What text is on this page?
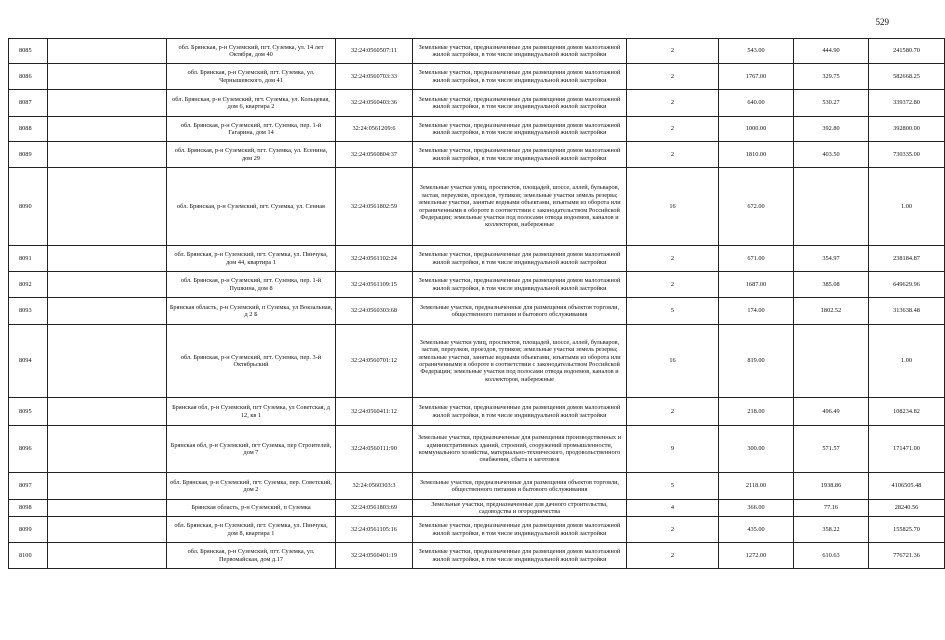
529
8085		обл. Брянская, р-н Суземский, пгт. Суземка, ул. 14 лет Октября, дом 40	32:24:0560507:11	Земельные участки, предназначенные для размещения домов малоэтажной жилой застройки, в том числе индивидуальной жилой застройки	2	543.00	444.90	241580.70
8086		обл. Брянская, р-н Суземский, пгт. Суземка, ул. Чернышевского, дом 41	32:24:0560703:33	Земельные участки, предназначенные для размещения домов малоэтажной жилой застройки, в том числе индивидуальной жилой застройки	2	1767.00	329.75	582668.25
8087		обл. Брянская, р-н Суземский, пгт. Суземка, ул. Кольцевая, дом 6, квартира 2	32:24:0560403:36	Земельные участки, предназначенные для размещения домов малоэтажной жилой застройки, в том числе индивидуальной жилой застройки	2	640.00	530.27	339372.80
8088		обл. Брянская, р-н Суземский, пгт. Суземка, пер. 1-й Гагарина, дом 14	32:24:0561209:6	Земельные участки, предназначенные для размещения домов малоэтажной жилой застройки, в том числе индивидуальной жилой застройки	2	1000.00	392.80	392800.00
8089		обл. Брянская, р-н Суземский, пгт. Суземка, ул. Есенина, дом 29	32:24:0560804:37	Земельные участки, предназначенные для размещения домов малоэтажной жилой застройки, в том числе индивидуальной жилой застройки	2	1810.00	403.50	730335.00
8090		обл. Брянская, р-н Суземский, пгт. Суземка, ул. Сенная	32:24:0561802:59	Земельные участки улиц, проспектов, площадей, шоссе, аллей, бульваров, застав, переулков, проездов, тупиков; земельные участки земель резерва; земельные участки, занятые водными объектами, изъятыми из оборота или ограниченными в обороте в соответствии с законодательством Российской Федерации; земельные участки под полосами отвода водоемов, каналов и коллекторов, набережные	16	672.00		1.00
8091		обл. Брянская, р-н Суземский, пгт. Суземка, ул. Пинчука, дом 44, квартира 1	32:24:0561102:24	Земельные участки, предназначенные для размещения домов малоэтажной жилой застройки, в том числе индивидуальной жилой застройки	2	671.00	354.97	238184.87
8092		обл. Брянская, р-н Суземский, пгт. Суземка, пер. 1-й Пушкина, дом 8	32:24:0561109:15	Земельные участки, предназначенные для размещения домов малоэтажной жилой застройки, в том числе индивидуальной жилой застройки	2	1687.00	385.08	649629.96
8093		Брянская область, р-н Суземский, п Суземка, ул Вокзальная, д 2 Б	32:24:0560303:68	Земельные участки, предназначенные для размещения объектов торговли, общественного питания и бытового обслуживания	5	174.00	1802.52	313638.48
8094		обл. Брянская, р-н Суземский, пгт. Суземка, пер. 3-й Октябрьский	32:24:0560701:12	Земельные участки улиц, проспектов, площадей, шоссе, аллей, бульваров, застав, переулков, проездов, тупиков; земельные участки земель резерва; земельные участки, занятые водными объектами, изъятыми из оборота или ограниченными в обороте в соответствии с законодательством Российской Федерации; земельные участки под полосами отвода водоемов, каналов и коллекторов, набережные	16	819.00		1.00
8095		Брянская обл, р-н Суземский, пгт Суземка, ул Советская, д 12, кв 1	32:24:0560411:12	Земельные участки, предназначенные для размещения домов малоэтажной жилой застройки, в том числе индивидуальной жилой застройки	2	218.00	496.49	108234.82
8096		Брянская обл, р-н Суземский, пгт Суземка, пер Строителей, дом 7	32:24:0560111:90	Земельные участки, предназначенные для размещения производственных и административных зданий, строений, сооружений промышленности, коммунального хозяйства, материально-технического, продовольственного снабжения, сбыта и заготовок	9	300.00	571.57	171471.00
8097		обл. Брянская, р-н Суземский, пгт. Суземка, пер. Советский, дом 2	32:24:0560303:3	Земельные участки, предназначенные для размещения объектов торговли, общественного питания и бытового обслуживания	5	2118.00	1938.86	4106505.48
8098		Брянская область, р-н Суземский, п Суземка	32:24:0561803:69	Земельные участки, предназначенные для дачного строительства, садоводства и огородничества	4	366.00	77.16	28240.56
8099		обл. Брянская, р-н Суземский, пгт. Суземка, ул. Пинчука, дом 8, квартира 1	32:24:0561105:16	Земельные участки, предназначенные для размещения домов малоэтажной жилой застройки, в том числе индивидуальной жилой застройки	2	435.00	358.22	155825.70
8100		обл. Брянская, р-н Суземский, пгт. Суземка, ул. Первомайская, дом д.17	32:24:0560401:19	Земельные участки, предназначенные для размещения домов малоэтажной жилой застройки, в том числе индивидуальной жилой застройки	2	1272.00	610.63	776721.36
